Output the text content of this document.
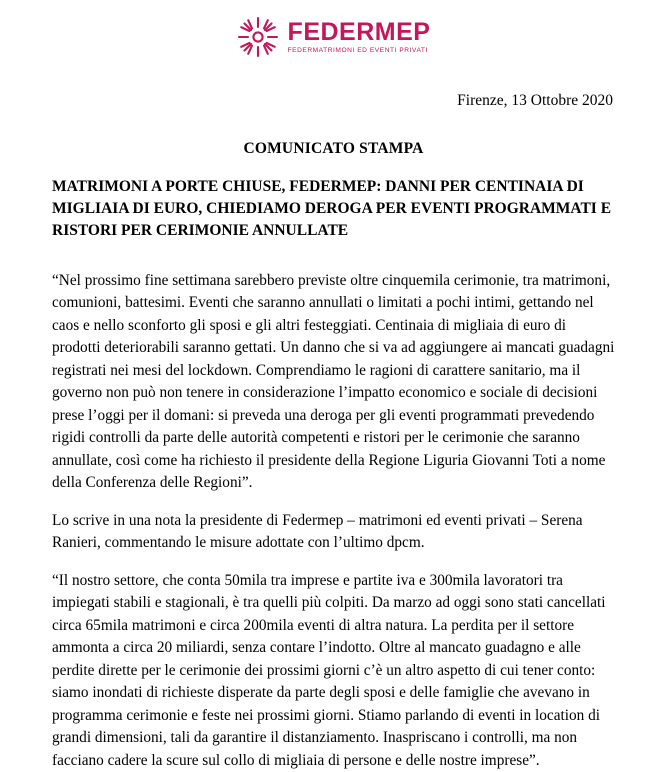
FEDERMEP
FEDERMATRIMONI ED EVENTI PRIVATI
Firenze, 13 Ottobre 2020
COMUNICATO STAMPA
MATRIMONI A PORTE CHIUSE, FEDERMEP: DANNI PER CENTINAIA DI MIGLIAIA DI EURO, CHIEDIAMO DEROGA PER EVENTI PROGRAMMATI E RISTORI PER CERIMONIE ANNULLATE

“Nel prossimo fine settimana sarebbero previste oltre cinquemila cerimonie, tra matrimoni, comunioni, battesimi. Eventi che saranno annullati o limitati a pochi intimi, gettando nel caos e nello sconforto gli sposi e gli altri festeggiati. Centinaia di migliaia di euro di prodotti deteriorabili saranno gettati. Un danno che si va ad aggiungere ai mancati guadagni registrati nei mesi del lockdown. Comprendiamo le ragioni di carattere sanitario, ma il governo non può non tenere in considerazione l’impatto economico e sociale di decisioni prese l’oggi per il domani: si preveda una deroga per gli eventi programmati prevedendo rigidi controlli da parte delle autorità competenti e ristori per le cerimonie che saranno annullate, così come ha richiesto il presidente della Regione Liguria Giovanni Toti a nome della Conferenza delle Regioni”.

Lo scrive in una nota la presidente di Federmep – matrimoni ed eventi privati – Serena Ranieri, commentando le misure adottate con l’ultimo dpcm.

“Il nostro settore, che conta 50mila tra imprese e partite iva e 300mila lavoratori tra impiegati stabili e stagionali, è tra quelli più colpiti. Da marzo ad oggi sono stati cancellati circa 65mila matrimoni e circa 200mila eventi di altra natura. La perdita per il settore ammonta a circa 20 miliardi, senza contare l’indotto. Oltre al mancato guadagno e alle perdite dirette per le cerimonie dei prossimi giorni c’è un altro aspetto di cui tener conto: siamo inondati di richieste disperate da parte degli sposi e delle famiglie che avevano in programma cerimonie e feste nei prossimi giorni. Stiamo parlando di eventi in location di grandi dimensioni, tali da garantire il distanziamento. Inaspriscano i controlli, ma non facciano cadere la scure sul collo di migliaia di persone e delle nostre imprese”.
